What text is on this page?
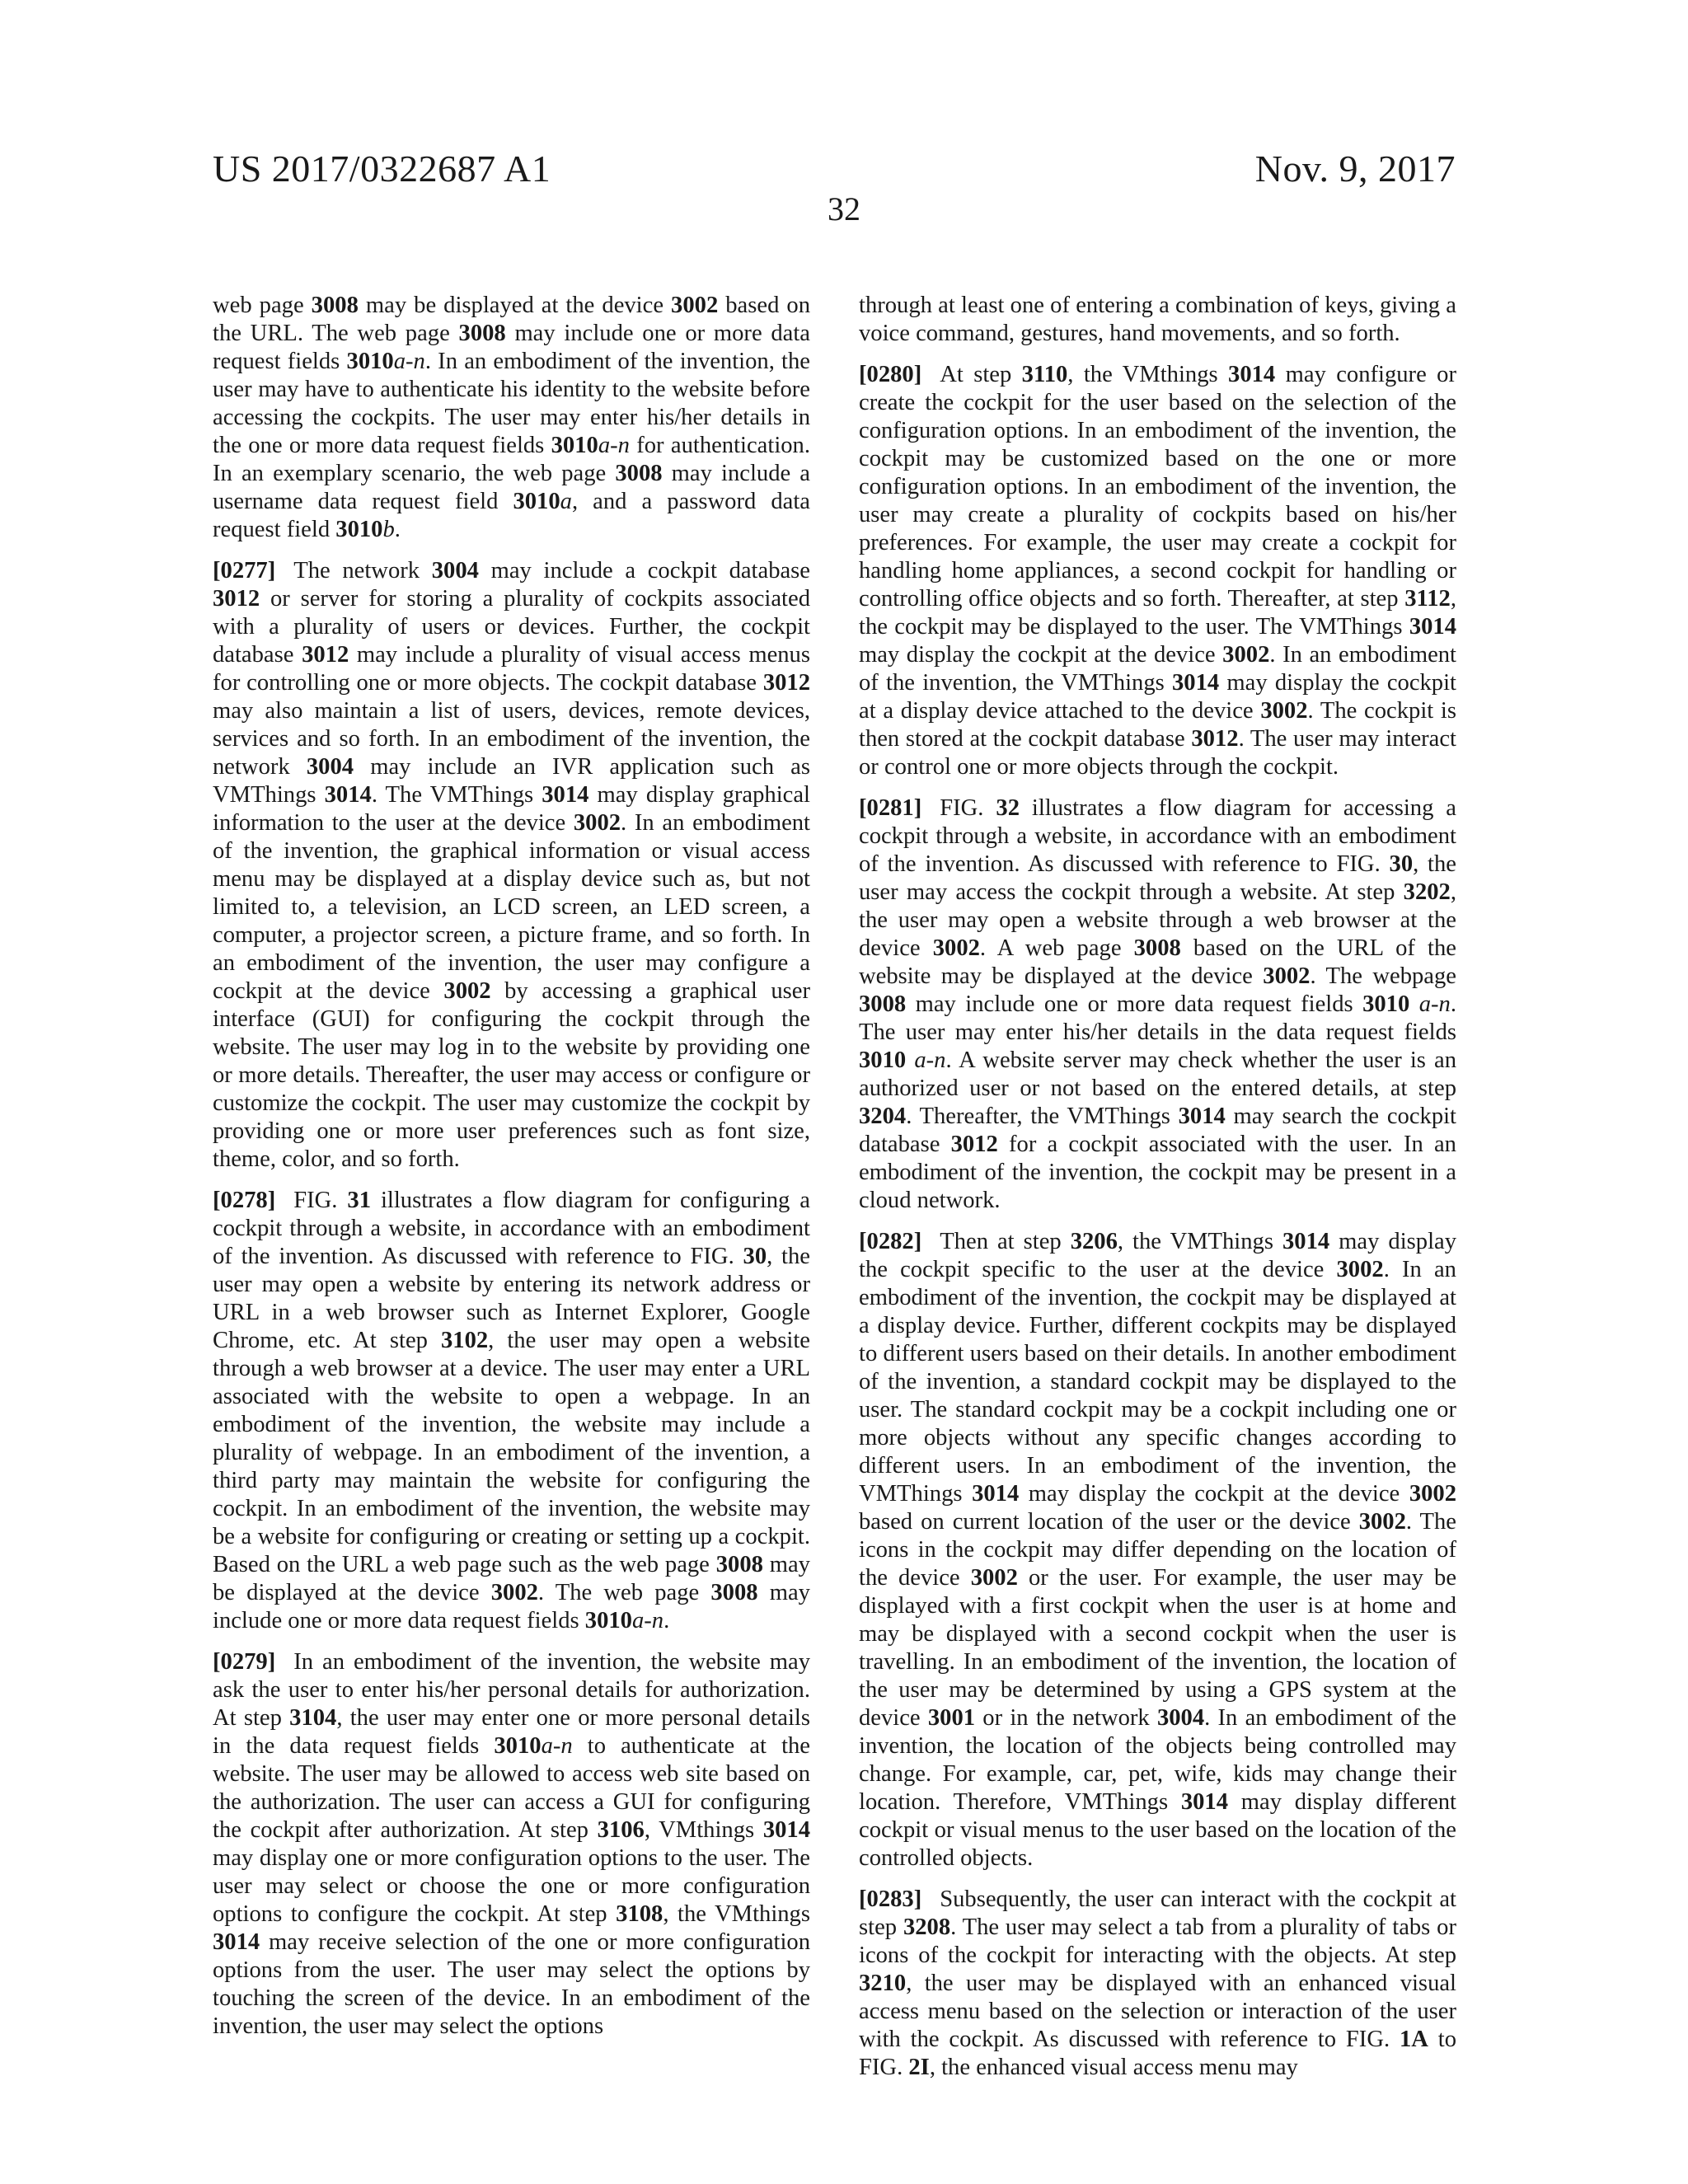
US 2017/0322687 A1	Nov. 9, 2017
32

web page 3008 may be displayed at the device 3002 based on the URL. The web page 3008 may include one or more data request fields 3010a-n. In an embodiment of the invention, the user may have to authenticate his identity to the website before accessing the cockpits. The user may enter his/her details in the one or more data request fields 3010a-n for authentication. In an exemplary scenario, the web page 3008 may include a username data request field 3010a, and a password data request field 3010b.

[0277] The network 3004 may include a cockpit database 3012 or server for storing a plurality of cockpits associated with a plurality of users or devices. Further, the cockpit database 3012 may include a plurality of visual access menus for controlling one or more objects. The cockpit database 3012 may also maintain a list of users, devices, remote devices, services and so forth. In an embodiment of the invention, the network 3004 may include an IVR application such as VMThings 3014. The VMThings 3014 may display graphical information to the user at the device 3002. In an embodiment of the invention, the graphical information or visual access menu may be displayed at a display device such as, but not limited to, a television, an LCD screen, an LED screen, a computer, a projector screen, a picture frame, and so forth. In an embodiment of the invention, the user may configure a cockpit at the device 3002 by accessing a graphical user interface (GUI) for configuring the cockpit through the website. The user may log in to the website by providing one or more details. Thereafter, the user may access or configure or customize the cockpit. The user may customize the cockpit by providing one or more user preferences such as font size, theme, color, and so forth.

[0278] FIG. 31 illustrates a flow diagram for configuring a cockpit through a website, in accordance with an embodiment of the invention. As discussed with reference to FIG. 30, the user may open a website by entering its network address or URL in a web browser such as Internet Explorer, Google Chrome, etc. At step 3102, the user may open a website through a web browser at a device. The user may enter a URL associated with the website to open a webpage. In an embodiment of the invention, the website may include a plurality of webpage. In an embodiment of the invention, a third party may maintain the website for configuring the cockpit. In an embodiment of the invention, the website may be a website for configuring or creating or setting up a cockpit. Based on the URL a web page such as the web page 3008 may be displayed at the device 3002. The web page 3008 may include one or more data request fields 3010a-n.

[0279] In an embodiment of the invention, the website may ask the user to enter his/her personal details for authorization. At step 3104, the user may enter one or more personal details in the data request fields 3010a-n to authenticate at the website. The user may be allowed to access web site based on the authorization. The user can access a GUI for configuring the cockpit after authorization. At step 3106, VMthings 3014 may display one or more configuration options to the user. The user may select or choose the one or more configuration options to configure the cockpit. At step 3108, the VMthings 3014 may receive selection of the one or more configuration options from the user. The user may select the options by touching the screen of the device. In an embodiment of the invention, the user may select the options

through at least one of entering a combination of keys, giving a voice command, gestures, hand movements, and so forth.

[0280] At step 3110, the VMthings 3014 may configure or create the cockpit for the user based on the selection of the configuration options. In an embodiment of the invention, the cockpit may be customized based on the one or more configuration options. In an embodiment of the invention, the user may create a plurality of cockpits based on his/her preferences. For example, the user may create a cockpit for handling home appliances, a second cockpit for handling or controlling office objects and so forth. Thereafter, at step 3112, the cockpit may be displayed to the user. The VMThings 3014 may display the cockpit at the device 3002. In an embodiment of the invention, the VMThings 3014 may display the cockpit at a display device attached to the device 3002. The cockpit is then stored at the cockpit database 3012. The user may interact or control one or more objects through the cockpit.

[0281] FIG. 32 illustrates a flow diagram for accessing a cockpit through a website, in accordance with an embodiment of the invention. As discussed with reference to FIG. 30, the user may access the cockpit through a website. At step 3202, the user may open a website through a web browser at the device 3002. A web page 3008 based on the URL of the website may be displayed at the device 3002. The webpage 3008 may include one or more data request fields 3010 a-n. The user may enter his/her details in the data request fields 3010 a-n. A website server may check whether the user is an authorized user or not based on the entered details, at step 3204. Thereafter, the VMThings 3014 may search the cockpit database 3012 for a cockpit associated with the user. In an embodiment of the invention, the cockpit may be present in a cloud network.

[0282] Then at step 3206, the VMThings 3014 may display the cockpit specific to the user at the device 3002. In an embodiment of the invention, the cockpit may be displayed at a display device. Further, different cockpits may be displayed to different users based on their details. In another embodiment of the invention, a standard cockpit may be displayed to the user. The standard cockpit may be a cockpit including one or more objects without any specific changes according to different users. In an embodiment of the invention, the VMThings 3014 may display the cockpit at the device 3002 based on current location of the user or the device 3002. The icons in the cockpit may differ depending on the location of the device 3002 or the user. For example, the user may be displayed with a first cockpit when the user is at home and may be displayed with a second cockpit when the user is travelling. In an embodiment of the invention, the location of the user may be determined by using a GPS system at the device 3001 or in the network 3004. In an embodiment of the invention, the location of the objects being controlled may change. For example, car, pet, wife, kids may change their location. Therefore, VMThings 3014 may display different cockpit or visual menus to the user based on the location of the controlled objects.

[0283] Subsequently, the user can interact with the cockpit at step 3208. The user may select a tab from a plurality of tabs or icons of the cockpit for interacting with the objects. At step 3210, the user may be displayed with an enhanced visual access menu based on the selection or interaction of the user with the cockpit. As discussed with reference to FIG. 1A to FIG. 2I, the enhanced visual access menu may
